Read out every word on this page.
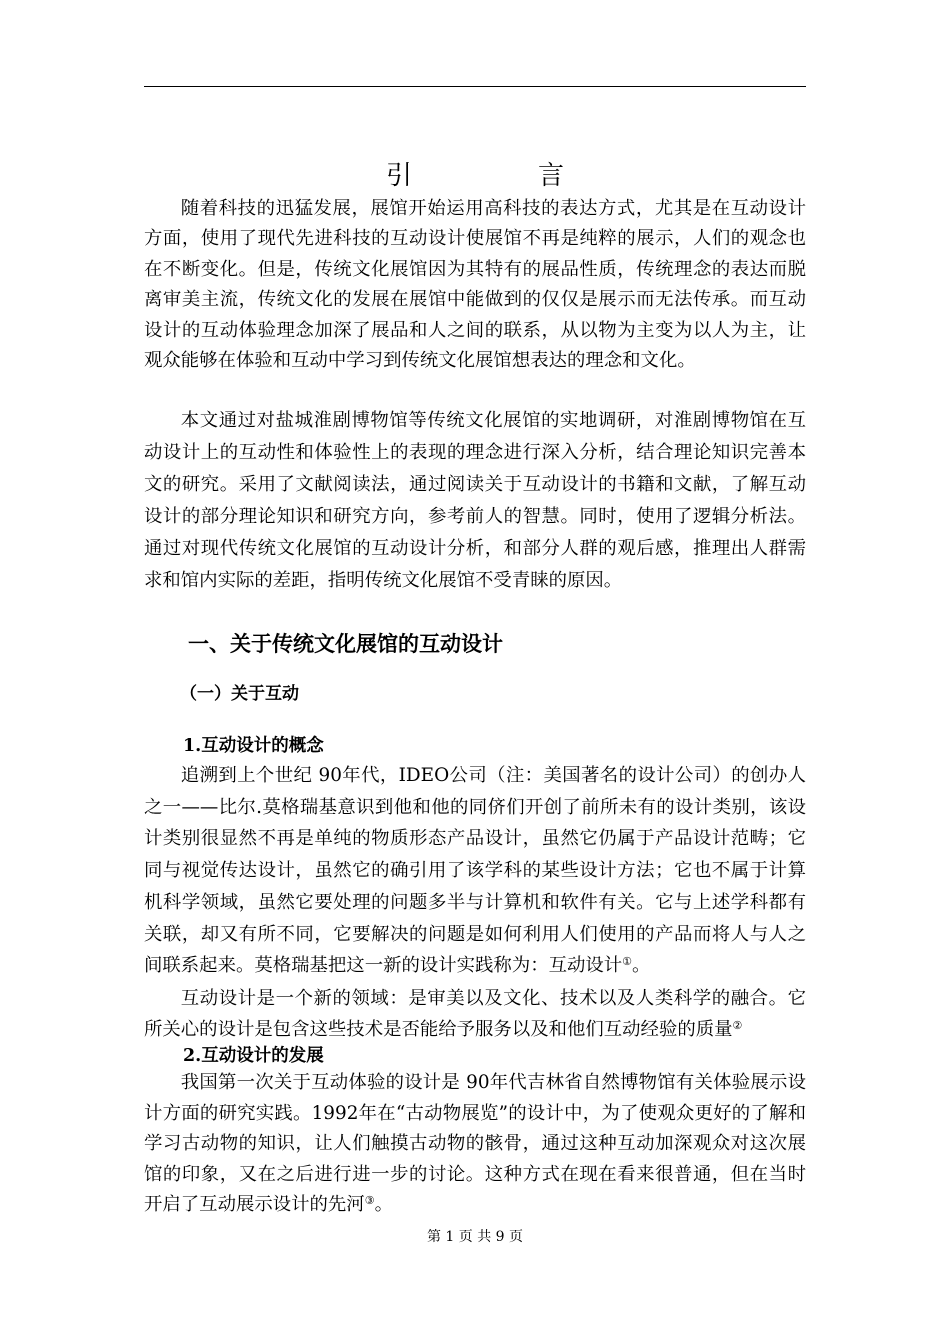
引　言

随着科技的迅猛发展，展馆开始运用高科技的表达方式，尤其是在互动设计方面，使用了现代先进科技的互动设计使展馆不再是纯粹的展示，人们的观念也在不断变化。但是，传统文化展馆因为其特有的展品性质，传统理念的表达而脱离审美主流，传统文化的发展在展馆中能做到的仅仅是展示而无法传承。而互动设计的互动体验理念加深了展品和人之间的联系，从以物为主变为以人为主，让观众能够在体验和互动中学习到传统文化展馆想表达的理念和文化。

本文通过对盐城淮剧博物馆等传统文化展馆的实地调研，对淮剧博物馆在互动设计上的互动性和体验性上的表现的理念进行深入分析，结合理论知识完善本文的研究。采用了文献阅读法，通过阅读关于互动设计的书籍和文献，了解互动设计的部分理论知识和研究方向，参考前人的智慧。同时，使用了逻辑分析法。通过对现代传统文化展馆的互动设计分析，和部分人群的观后感，推理出人群需求和馆内实际的差距，指明传统文化展馆不受青睐的原因。

一、关于传统文化展馆的互动设计
（一）关于互动
1.互动设计的概念

追溯到上个世纪 90年代，IDEO公司（注：美国著名的设计公司）的创办人之一——比尔.莫格瑞基意识到他和他的同侪们开创了前所未有的设计类别，该设计类别很显然不再是单纯的物质形态产品设计，虽然它仍属于产品设计范畴；它同与视觉传达设计，虽然它的确引用了该学科的某些设计方法；它也不属于计算机科学领域，虽然它要处理的问题多半与计算机和软件有关。它与上述学科都有关联，却又有所不同，它要解决的问题是如何利用人们使用的产品而将人与人之间联系起来。莫格瑞基把这一新的设计实践称为：互动设计①。

互动设计是一个新的领域：是审美以及文化、技术以及人类科学的融合。它所关心的设计是包含这些技术是否能给予服务以及和他们互动经验的质量②

2.互动设计的发展

我国第一次关于互动体验的设计是 90年代吉林省自然博物馆有关体验展示设计方面的研究实践。1992年在“古动物展览”的设计中，为了使观众更好的了解和学习古动物的知识，让人们触摸古动物的骸骨，通过这种互动加深观众对这次展馆的印象，又在之后进行进一步的讨论。这种方式在现在看来很普通，但在当时开启了互动展示设计的先河③。

第 1 页 共 9 页
